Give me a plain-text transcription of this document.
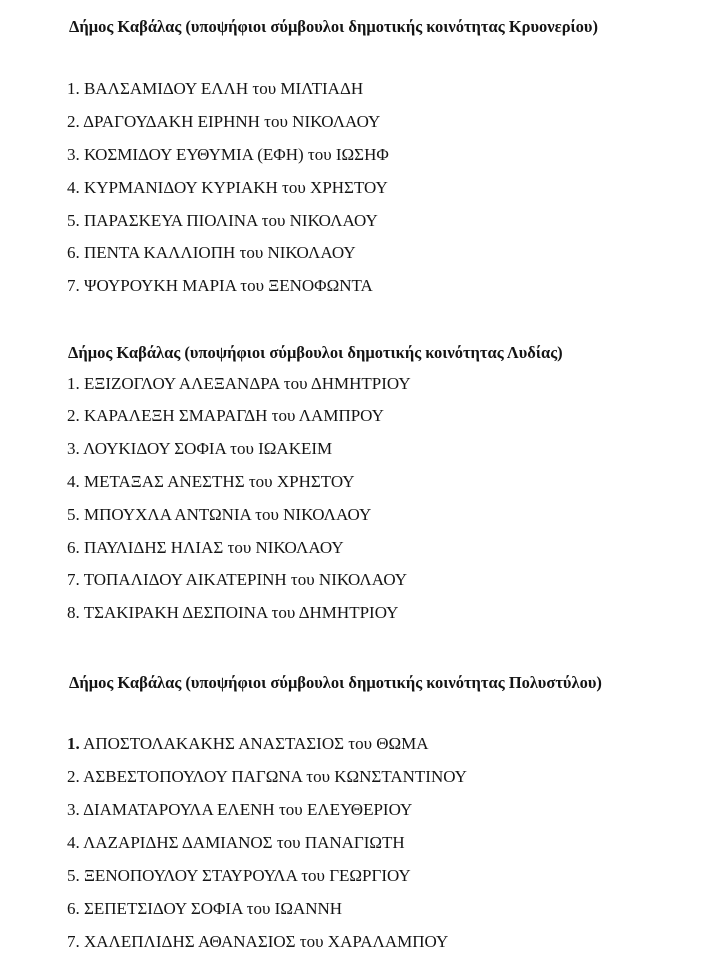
Δήμος Καβάλας (υποψήφιοι σύμβουλοι δημοτικής κοινότητας Κρυονερίου)

1. ΒΑΛΣΑΜΙΔΟΥ ΕΛΛΗ του ΜΙΛΤΙΑΔΗ

2. ΔΡΑΓΟΥΔΑΚΗ ΕΙΡΗΝΗ του ΝΙΚΟΛΑΟΥ

3. ΚΟΣΜΙΔΟΥ ΕΥΘΥΜΙΑ (ΕΦΗ) του ΙΩΣΗΦ

4. ΚΥΡΜΑΝΙΔΟΥ ΚΥΡΙΑΚΗ του ΧΡΗΣΤΟΥ

5. ΠΑΡΑΣΚΕΥΑ ΠΙΟΛΙΝΑ του ΝΙΚΟΛΑΟΥ

6. ΠΕΝΤΑ ΚΑΛΛΙΟΠΗ του ΝΙΚΟΛΑΟΥ

7. ΨΟΥΡΟΥΚΗ ΜΑΡΙΑ του ΞΕΝΟΦΩΝΤΑ

Δήμος Καβάλας (υποψήφιοι σύμβουλοι δημοτικής κοινότητας Λυδίας)

1. ΕΞΙΖΟΓΛΟΥ ΑΛΕΞΑΝΔΡΑ του ΔΗΜΗΤΡΙΟΥ

2. ΚΑΡΑΛΕΞΗ ΣΜΑΡΑΓΔΗ του ΛΑΜΠΡΟΥ

3. ΛΟΥΚΙΔΟΥ ΣΟΦΙΑ του ΙΩΑΚΕΙΜ

4. ΜΕΤΑΞΑΣ ΑΝΕΣΤΗΣ του ΧΡΗΣΤΟΥ

5. ΜΠΟΥΧΛΑ ΑΝΤΩΝΙΑ του ΝΙΚΟΛΑΟΥ

6. ΠΑΥΛΙΔΗΣ ΗΛΙΑΣ του ΝΙΚΟΛΑΟΥ

7. ΤΟΠΑΛΙΔΟΥ ΑΙΚΑΤΕΡΙΝΗ του ΝΙΚΟΛΑΟΥ

8. ΤΣΑΚΙΡΑΚΗ ΔΕΣΠΟΙΝΑ του ΔΗΜΗΤΡΙΟΥ

Δήμος Καβάλας (υποψήφιοι σύμβουλοι δημοτικής κοινότητας Πολυστύλου)

1. ΑΠΟΣΤΟΛΑΚΑΚΗΣ ΑΝΑΣΤΑΣΙΟΣ του ΘΩΜΑ

2. ΑΣΒΕΣΤΟΠΟΥΛΟΥ ΠΑΓΩΝΑ του ΚΩΝΣΤΑΝΤΙΝΟΥ

3. ΔΙΑΜΑΤΑΡΟΥΛΑ ΕΛΕΝΗ του ΕΛΕΥΘΕΡΙΟΥ

4. ΛΑΖΑΡΙΔΗΣ ΔΑΜΙΑΝΟΣ του ΠΑΝΑΓΙΩΤΗ

5. ΞΕΝΟΠΟΥΛΟΥ ΣΤΑΥΡΟΥΛΑ του ΓΕΩΡΓΙΟΥ

6. ΣΕΠΕΤΣΙΔΟΥ ΣΟΦΙΑ του ΙΩΑΝΝΗ

7. ΧΑΛΕΠΛΙΔΗΣ ΑΘΑΝΑΣΙΟΣ του ΧΑΡΑΛΑΜΠΟΥ
